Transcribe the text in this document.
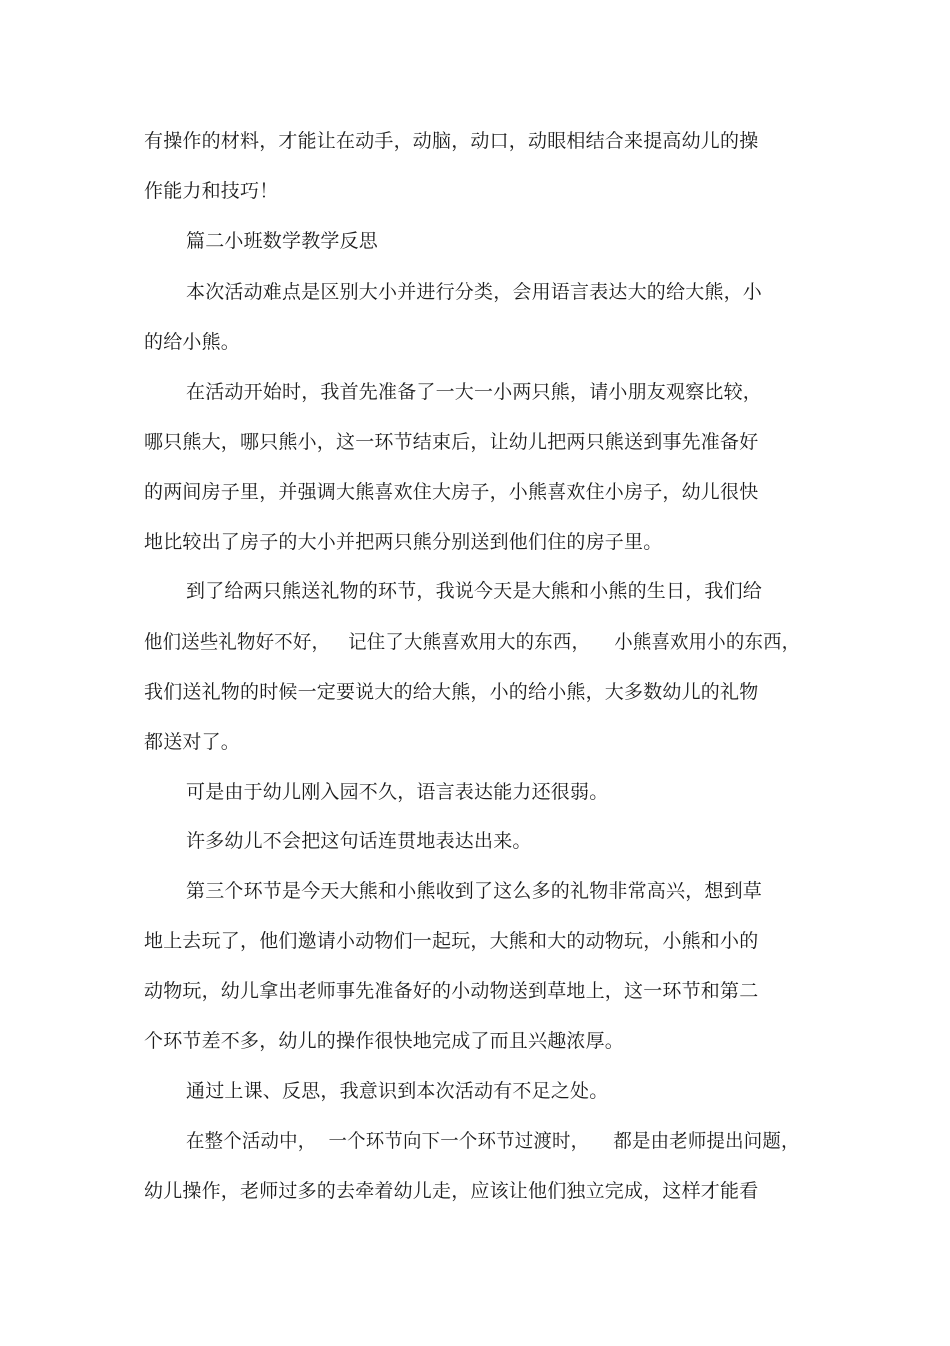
有操作的材料，才能让在动手，动脑，动口，动眼相结合来提高幼儿的操
作能力和技巧！
篇二小班数学教学反思
本次活动难点是区别大小并进行分类，会用语言表达大的给大熊，小
的给小熊。
在活动开始时，我首先准备了一大一小两只熊，请小朋友观察比较，
哪只熊大，哪只熊小，这一环节结束后，让幼儿把两只熊送到事先准备好
的两间房子里，并强调大熊喜欢住大房子，小熊喜欢住小房子，幼儿很快
地比较出了房子的大小并把两只熊分别送到他们住的房子里。
到了给两只熊送礼物的环节，我说今天是大熊和小熊的生日，我们给
他们送些礼物好不好，   记住了大熊喜欢用大的东西，    小熊喜欢用小的东西，
我们送礼物的时候一定要说大的给大熊，小的给小熊，大多数幼儿的礼物
都送对了。
可是由于幼儿刚入园不久，语言表达能力还很弱。
许多幼儿不会把这句话连贯地表达出来。
第三个环节是今天大熊和小熊收到了这么多的礼物非常高兴，想到草
地上去玩了，他们邀请小动物们一起玩，大熊和大的动物玩，小熊和小的
动物玩，幼儿拿出老师事先准备好的小动物送到草地上，这一环节和第二
个环节差不多，幼儿的操作很快地完成了而且兴趣浓厚。
通过上课、反思，我意识到本次活动有不足之处。
在整个活动中，  一个环节向下一个环节过渡时，    都是由老师提出问题，
幼儿操作，老师过多的去牵着幼儿走，应该让他们独立完成，这样才能看
